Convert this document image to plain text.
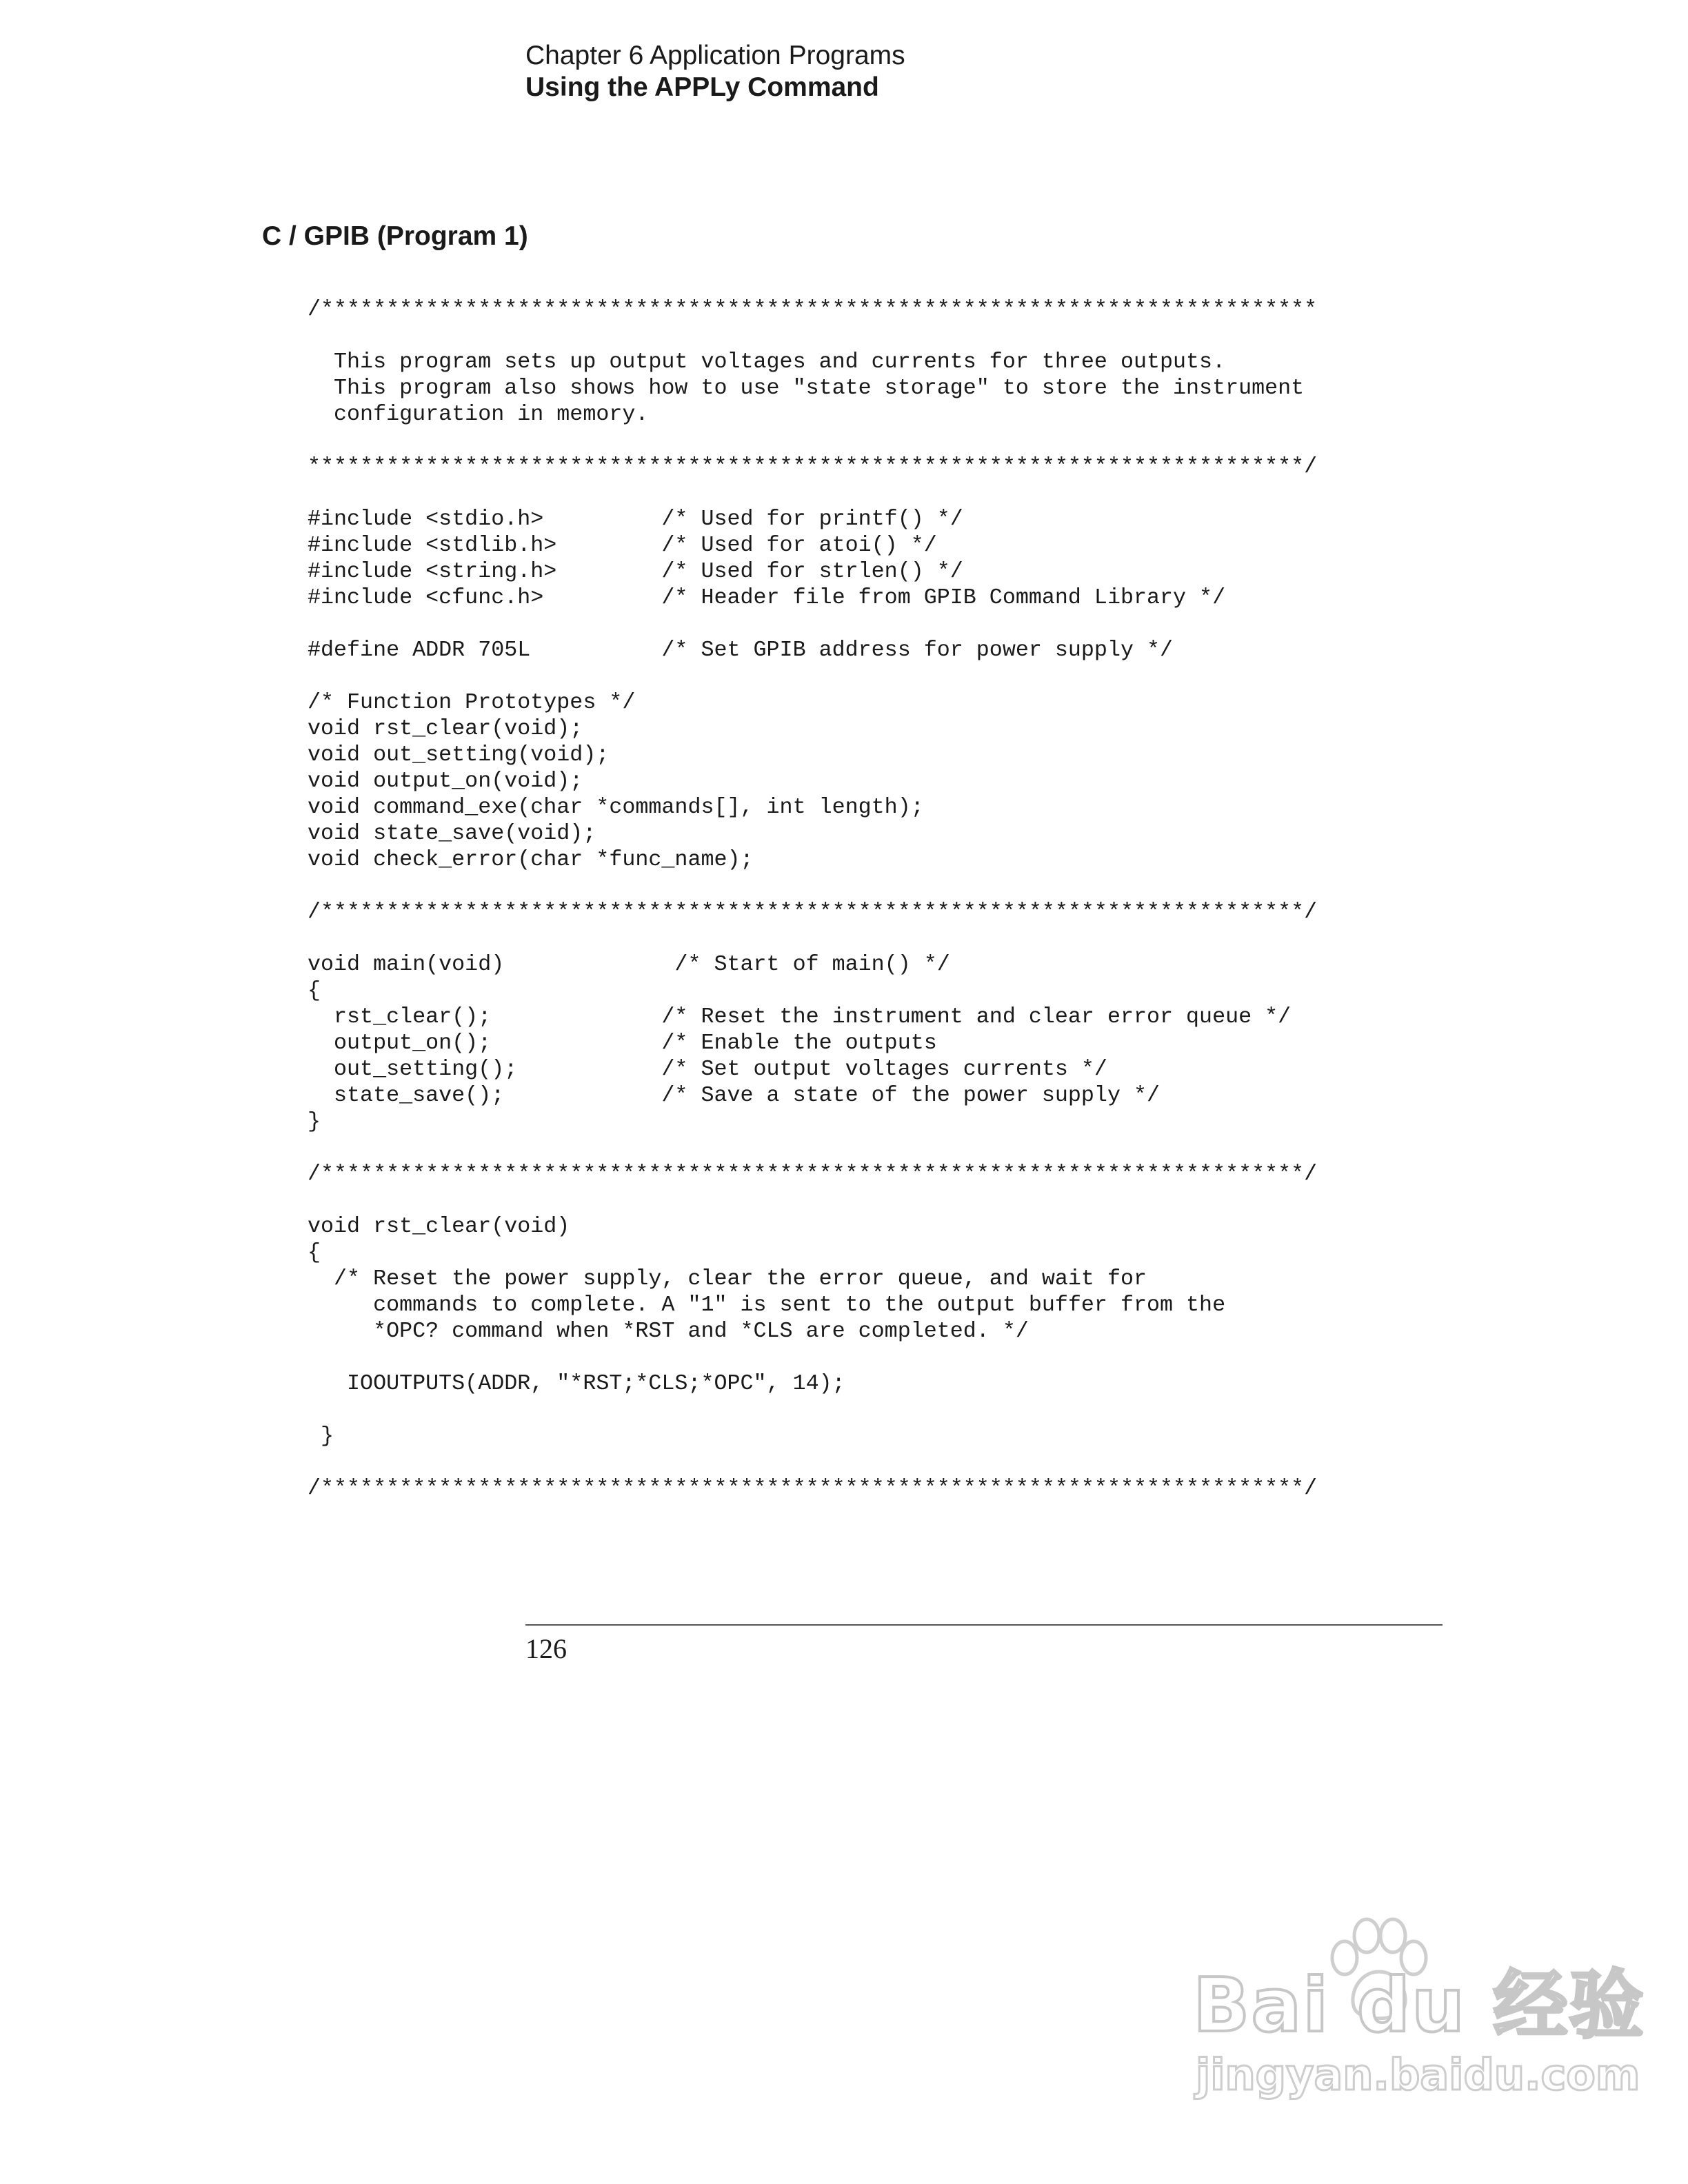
Chapter 6 Application Programs
Using the APPLy Command
C / GPIB (Program 1)
/****************************************************************************
This program sets up output voltages and currents for three outputs.
This program also shows how to use "state storage" to store the instrument
configuration in memory.
****************************************************************************/
#include <stdio.h>         /* Used for printf() */
#include <stdlib.h>        /* Used for atoi() */
#include <string.h>        /* Used for strlen() */
#include <cfunc.h>         /* Header file from GPIB Command Library */
#define ADDR 705L          /* Set GPIB address for power supply */
/* Function Prototypes */
void rst_clear(void);
void out_setting(void);
void output_on(void);
void command_exe(char *commands[], int length);
void state_save(void);
void check_error(char *func_name);
/***************************************************************************/
void main(void)             /* Start of main() */
{
rst_clear();             /* Reset the instrument and clear error queue */
output_on();             /* Enable the outputs
out_setting();           /* Set output voltages currents */
state_save();            /* Save a state of the power supply */
}
/***************************************************************************/
void rst_clear(void)
{
/* Reset the power supply, clear the error queue, and wait for
commands to complete. A "1" is sent to the output buffer from the
*OPC? command when *RST and *CLS are completed. */
IOOUTPUTS(ADDR, "*RST;*CLS;*OPC", 14);
}
/***************************************************************************/
126
Bai du 经验
jingyan.baidu.com
